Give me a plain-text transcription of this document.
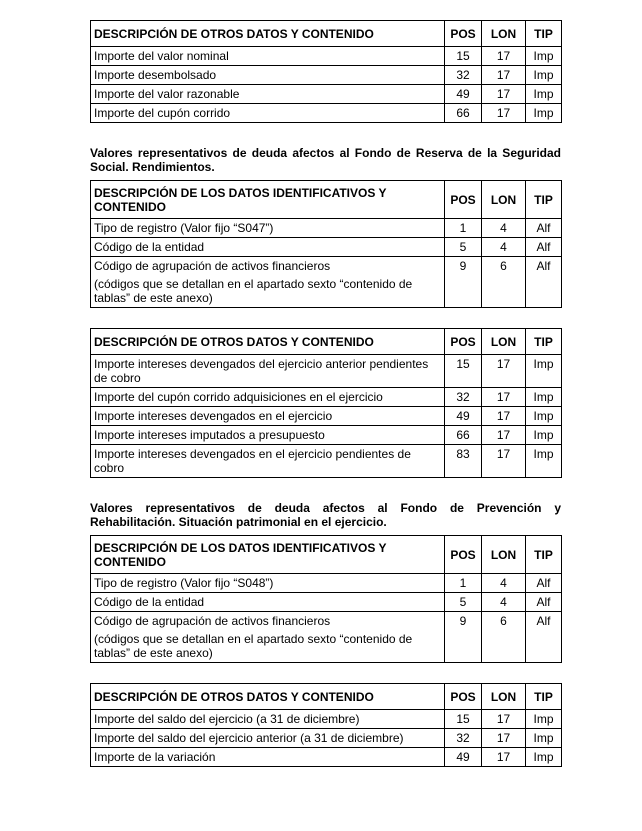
DESCRIPCIÓN DE OTROS DATOS Y CONTENIDO	POS	LON	TIP
Importe del valor nominal	15	17	Imp
Importe desembolsado	32	17	Imp
Importe del valor razonable	49	17	Imp
Importe del cupón corrido	66	17	Imp
Valores representativos de deuda afectos al Fondo de Reserva de la Seguridad Social. Rendimientos.
DESCRIPCIÓN DE LOS DATOS IDENTIFICATIVOS Y CONTENIDO	POS	LON	TIP
Tipo de registro (Valor fijo “S047”)	1	4	Alf
Código de la entidad	5	4	Alf
Código de agrupación de activos financieros
(códigos que se detallan en el apartado sexto “contenido de tablas” de este anexo)	9	6	Alf
DESCRIPCIÓN DE OTROS DATOS Y CONTENIDO	POS	LON	TIP
Importe intereses devengados del ejercicio anterior pendientes de cobro	15	17	Imp
Importe del cupón corrido adquisiciones en el ejercicio	32	17	Imp
Importe intereses devengados en el ejercicio	49	17	Imp
Importe intereses imputados a presupuesto	66	17	Imp
Importe intereses devengados en el ejercicio pendientes de cobro	83	17	Imp
Valores representativos de deuda afectos al Fondo de Prevención y Rehabilitación. Situación patrimonial en el ejercicio.
DESCRIPCIÓN DE LOS DATOS IDENTIFICATIVOS Y CONTENIDO	POS	LON	TIP
Tipo de registro (Valor fijo “S048”)	1	4	Alf
Código de la entidad	5	4	Alf
Código de agrupación de activos financieros
(códigos que se detallan en el apartado sexto “contenido de tablas” de este anexo)	9	6	Alf
DESCRIPCIÓN DE OTROS DATOS Y CONTENIDO	POS	LON	TIP
Importe del saldo del ejercicio (a 31 de diciembre)	15	17	Imp
Importe del saldo del ejercicio anterior (a 31 de diciembre)	32	17	Imp
Importe de la variación	49	17	Imp
